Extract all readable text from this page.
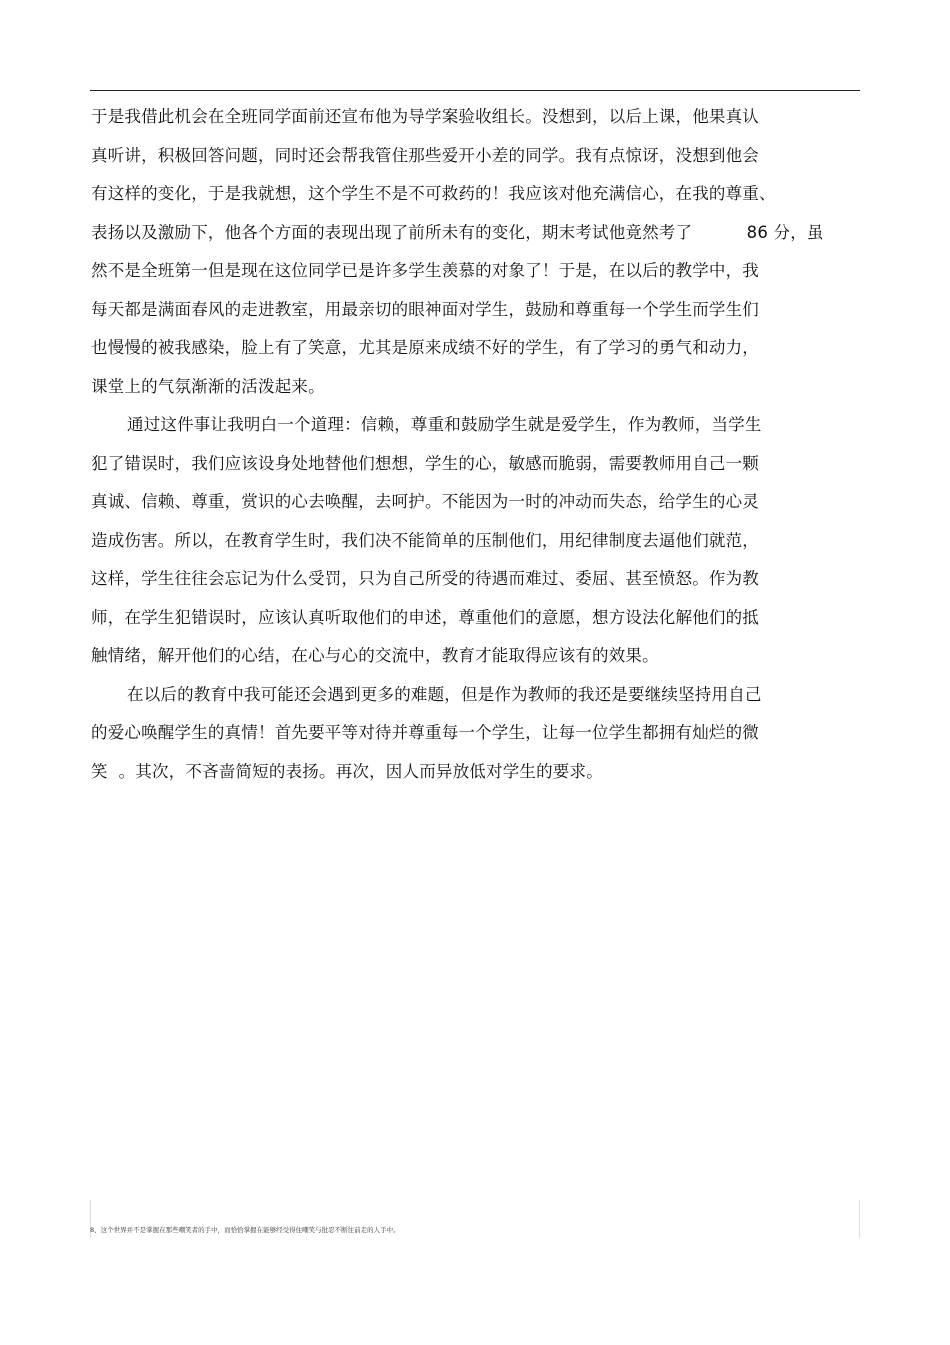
于是我借此机会在全班同学面前还宣布他为导学案验收组长。没想到，以后上课，他果真认
真听讲，积极回答问题，同时还会帮我管住那些爱开小差的同学。我有点惊讶，没想到他会
有这样的变化，于是我就想，这个学生不是不可救药的！我应该对他充满信心，在我的尊重、
表扬以及激励下，他各个方面的表现出现了前所未有的变化，期末考试他竟然考了          86 分，虽
然不是全班第一但是现在这位同学已是许多学生羡慕的对象了！于是，在以后的教学中，我
每天都是满面春风的走进教室，用最亲切的眼神面对学生，鼓励和尊重每一个学生而学生们
也慢慢的被我感染，脸上有了笑意，尤其是原来成绩不好的学生，有了学习的勇气和动力，
课堂上的气氛渐渐的活泼起来。
通过这件事让我明白一个道理：信赖，尊重和鼓励学生就是爱学生，作为教师，当学生
犯了错误时，我们应该设身处地替他们想想，学生的心，敏感而脆弱，需要教师用自己一颗
真诚、信赖、尊重，赏识的心去唤醒，去呵护。不能因为一时的冲动而失态，给学生的心灵
造成伤害。所以，在教育学生时，我们决不能简单的压制他们，用纪律制度去逼他们就范，
这样，学生往往会忘记为什么受罚，只为自己所受的待遇而难过、委屈、甚至愤怒。作为教
师，在学生犯错误时，应该认真听取他们的申述，尊重他们的意愿，想方设法化解他们的抵
触情绪，解开他们的心结，在心与心的交流中，教育才能取得应该有的效果。
在以后的教育中我可能还会遇到更多的难题，但是作为教师的我还是要继续坚持用自己
的爱心唤醒学生的真情！首先要平等对待并尊重每一个学生，让每一位学生都拥有灿烂的微
笑  。其次，不吝啬简短的表扬。再次，因人而异放低对学生的要求。
8、这个世界并不是掌握在那些嘲笑者的手中，而恰恰掌握在能够经受得住嘲笑与批忍不断往前走的人手中。
